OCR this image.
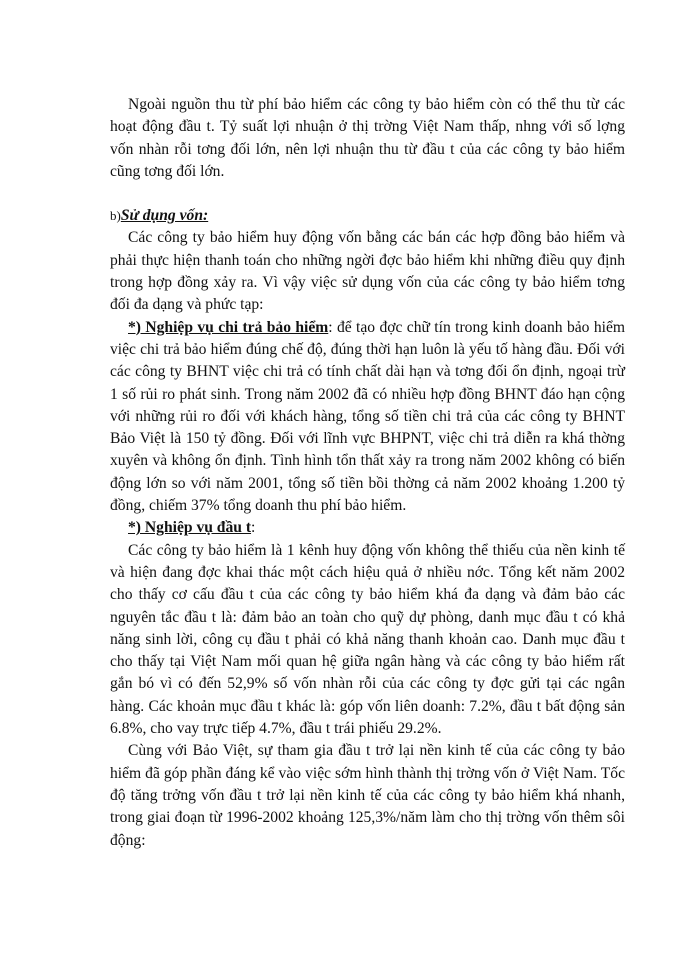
Ngoài nguồn thu từ phí bảo hiểm các công ty bảo hiểm còn có thể thu từ các hoạt động đầu t. Tỷ suất lợi nhuận ở thị trờng Việt Nam thấp, nhng với số lợng vốn nhàn rỗi tơng đối lớn, nên lợi nhuận thu từ đầu t của các công ty bảo hiểm cũng tơng đối lớn.

b)Sử dụng vốn:

Các công ty bảo hiểm huy động vốn bằng các bán các hợp đồng bảo hiểm và phải thực hiện thanh toán cho những ngời đợc bảo hiểm khi những điều quy định trong hợp đồng xảy ra. Vì vậy việc sử dụng vốn của các công ty bảo hiểm tơng đối đa dạng và phức tạp:

*) Nghiệp vụ chi trả bảo hiểm: để tạo đợc chữ tín trong kinh doanh bảo hiểm việc chi trả bảo hiểm đúng chế độ, đúng thời hạn luôn là yếu tố hàng đầu. Đối với các công ty BHNT việc chi trả có tính chất dài hạn và tơng đối ổn định, ngoại trừ 1 số rủi ro phát sinh. Trong năm 2002 đã có nhiều hợp đồng BHNT đáo hạn cộng với những rủi ro đối với khách hàng, tổng số tiền chi trả của các công ty BHNT Bảo Việt là 150 tỷ đồng. Đối với lĩnh vực BHPNT, việc chi trả diễn ra khá thờng xuyên và không ổn định. Tình hình tổn thất xảy ra trong năm 2002 không có biến động lớn so với năm 2001, tổng số tiền bồi thờng cả năm 2002 khoảng 1.200 tỷ đồng, chiếm 37% tổng doanh thu phí bảo hiểm.

*) Nghiệp vụ đầu t:

Các công ty bảo hiểm là 1 kênh huy động vốn không thể thiếu của nền kinh tế và hiện đang đợc khai thác một cách hiệu quả ở nhiều nớc. Tổng kết năm 2002 cho thấy cơ cấu đầu t của các công ty bảo hiểm khá đa dạng và đảm bảo các nguyên tắc đầu t là: đảm bảo an toàn cho quỹ dự phòng, danh mục đầu t có khả năng sinh lời, công cụ đầu t phải có khả năng thanh khoản cao. Danh mục đầu t cho thấy tại Việt Nam mối quan hệ giữa ngân hàng và các công ty bảo hiểm rất gắn bó vì có đến 52,9% số vốn nhàn rỗi của các công ty đợc gửi tại các ngân hàng. Các khoản mục đầu t khác là: góp vốn liên doanh: 7.2%, đầu t bất động sản 6.8%, cho vay trực tiếp 4.7%, đầu t trái phiếu 29.2%.

Cùng với Bảo Việt, sự tham gia đầu t trở lại nền kinh tế của các công ty bảo hiểm đã góp phần đáng kể vào việc sớm hình thành thị trờng vốn ở Việt Nam. Tốc độ tăng trởng vốn đầu t trở lại nền kinh tế của các công ty bảo hiểm khá nhanh, trong giai đoạn từ 1996-2002 khoảng 125,3%/năm làm cho thị trờng vốn thêm sôi động:
